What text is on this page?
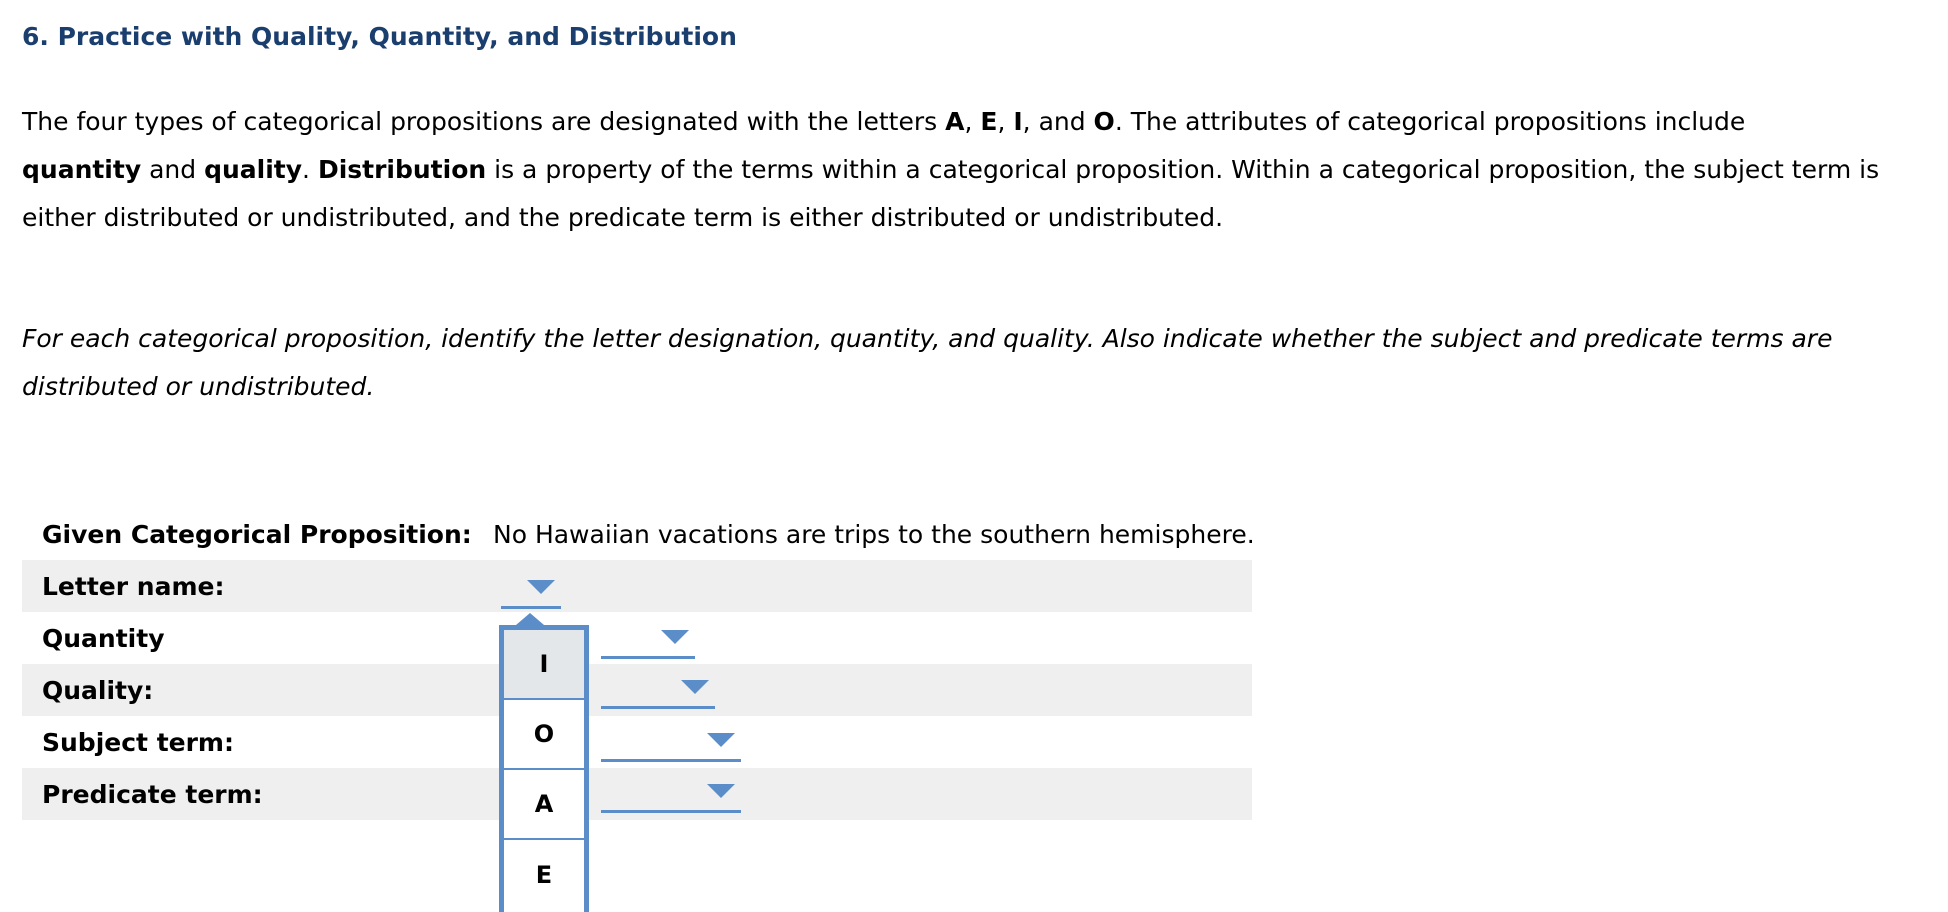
6. Practice with Quality, Quantity, and Distribution

The four types of categorical propositions are designated with the letters A, E, I, and O. The attributes of categorical propositions include
quantity and quality. Distribution is a property of the terms within a categorical proposition. Within a categorical proposition, the subject term is either distributed or undistributed, and the predicate term is either distributed or undistributed.

For each categorical proposition, identify the letter designation, quantity, and quality. Also indicate whether the subject and predicate terms are distributed or undistributed.

Given Categorical Proposition: No Hawaiian vacations are trips to the southern hemisphere.
Letter name:
Quantity
Quality:
Subject term:
Predicate term:
I
O
A
E
